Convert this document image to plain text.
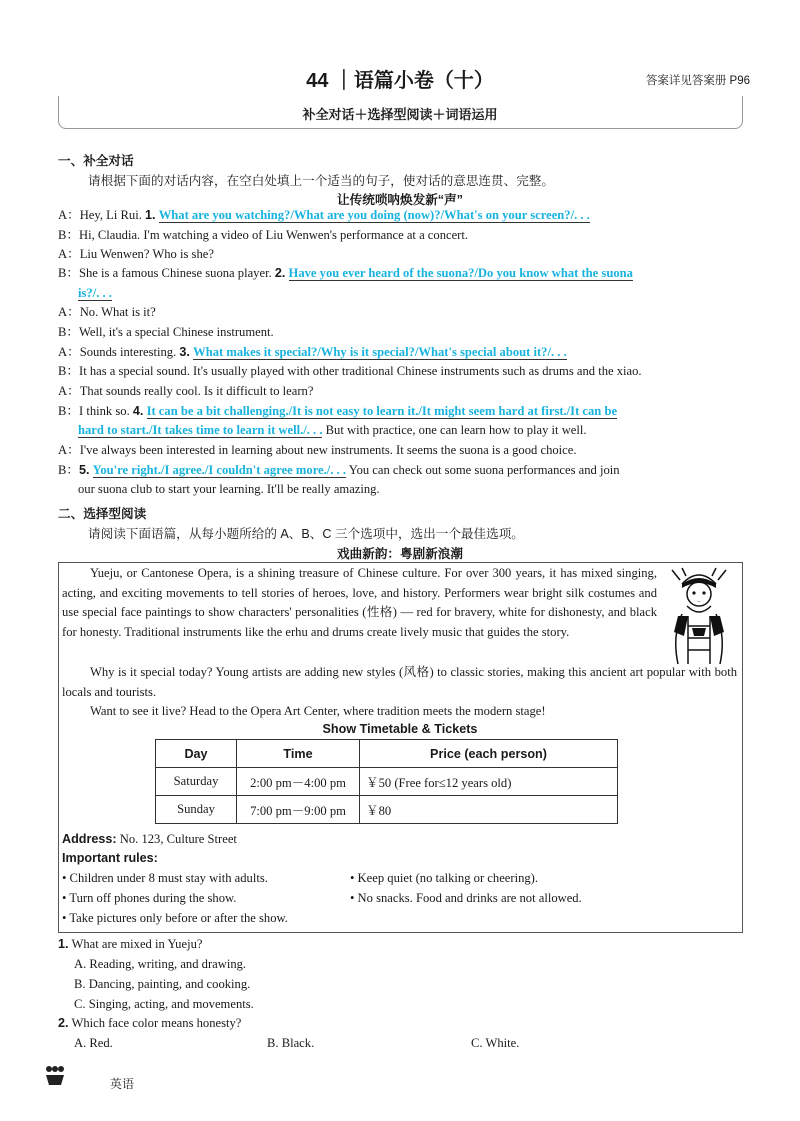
44 ｜语篇小卷（十）	答案详见答案册 P96
补全对话＋选择型阅读＋词语运用
一、补全对话
请根据下面的对话内容，在空白处填上一个适当的句子，使对话的意思连贯、完整。
让传统唢呐焕发新“声”
A：Hey, Li Rui. 1. What are you watching?/What are you doing (now)?/What's on your screen?/. . .
B：Hi, Claudia. I'm watching a video of Liu Wenwen's performance at a concert.
A：Liu Wenwen? Who is she?
B：She is a famous Chinese suona player. 2. Have you ever heard of the suona?/Do you know what the suona
is?/. . .
A：No. What is it?
B：Well, it's a special Chinese instrument.
A：Sounds interesting. 3. What makes it special?/Why is it special?/What's special about it?/. . .
B：It has a special sound. It's usually played with other traditional Chinese instruments such as drums and the xiao.
A：That sounds really cool. Is it difficult to learn?
B：I think so. 4. It can be a bit challenging./It is not easy to learn it./It might seem hard at first./It can be
hard to start./It takes time to learn it well./. . . But with practice, one can learn how to play it well.
A：I've always been interested in learning about new instruments. It seems the suona is a good choice.
B：5. You're right./I agree./I couldn't agree more./. . . You can check out some suona performances and join
our suona club to start your learning. It'll be really amazing.
二、选择型阅读
请阅读下面语篇，从每小题所给的 A、B、C 三个选项中，选出一个最佳选项。
戏曲新韵：粤剧新浪潮
Yueju, or Cantonese Opera, is a shining treasure of Chinese culture. For over 300 years, it has mixed singing, acting, and exciting movements to tell stories of heroes, love, and history. Performers wear bright silk costumes and use special face paintings to show characters' personalities (性格) — red for bravery, white for dishonesty, and black for honesty. Traditional instruments like the erhu and drums create lively music that guides the story.
Why is it special today? Young artists are adding new styles (风格) to classic stories, making this ancient art popular with both locals and tourists.
Want to see it live? Head to the Opera Art Center, where tradition meets the modern stage!
Show Timetable & Tickets
Day	Time	Price (each person)
Saturday	2:00 pm－4:00 pm	￥50 (Free for≤12 years old)
Sunday	7:00 pm－9:00 pm	￥80
Address: No. 123, Culture Street
Important rules:
• Children under 8 must stay with adults.	• Keep quiet (no talking or cheering).
• Turn off phones during the show.	• No snacks. Food and drinks are not allowed.
• Take pictures only before or after the show.
1. What are mixed in Yueju?
A. Reading, writing, and drawing.
B. Dancing, painting, and cooking.
C. Singing, acting, and movements.
2. Which face color means honesty?
A. Red.	B. Black.	C. White.
英语
